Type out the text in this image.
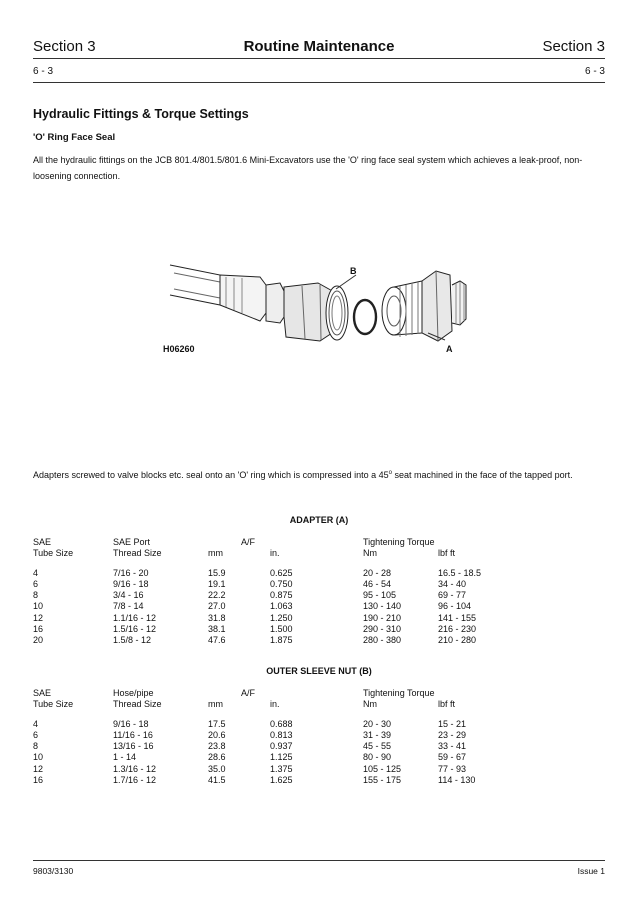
Section 3	Routine Maintenance	Section 3
6 - 3	6 - 3
Hydraulic Fittings & Torque Settings
'O' Ring Face Seal
All the hydraulic fittings on the JCB 801.4/801.5/801.6 Mini-Excavators use the 'O' ring face seal system which achieves a leak-proof, non-loosening connection.
B
A
H06260
Adapters screwed to valve blocks etc. seal onto an 'O' ring which is compressed into a 45$^o$ seat machined in the face of the tapped port.
ADAPTER (A)
SAE	SAE Port	A/F	Tightening Torque
Tube Size	Thread Size	mm	in.	Nm	lbf ft
4	7/16 - 20	15.9	0.625	20 - 28	16.5 - 18.5
6	9/16 - 18	19.1	0.750	46 - 54	34 - 40
8	3/4 - 16	22.2	0.875	95 - 105	69 - 77
10	7/8 - 14	27.0	1.063	130 - 140	96 - 104
12	1.1/16 - 12	31.8	1.250	190 - 210	141 - 155
16	1.5/16 - 12	38.1	1.500	290 - 310	216 - 230
20	1.5/8 - 12	47.6	1.875	280 - 380	210 - 280
OUTER SLEEVE NUT (B)
SAE	Hose/pipe	A/F	Tightening Torque
Tube Size	Thread Size	mm	in.	Nm	lbf ft
4	9/16 - 18	17.5	0.688	20 - 30	15 - 21
6	11/16 - 16	20.6	0.813	31 - 39	23 - 29
8	13/16 - 16	23.8	0.937	45 - 55	33 - 41
10	1 - 14	28.6	1.125	80 - 90	59 - 67
12	1.3/16 - 12	35.0	1.375	105 - 125	77 - 93
16	1.7/16 - 12	41.5	1.625	155 - 175	114 - 130
9803/3130	Issue 1
